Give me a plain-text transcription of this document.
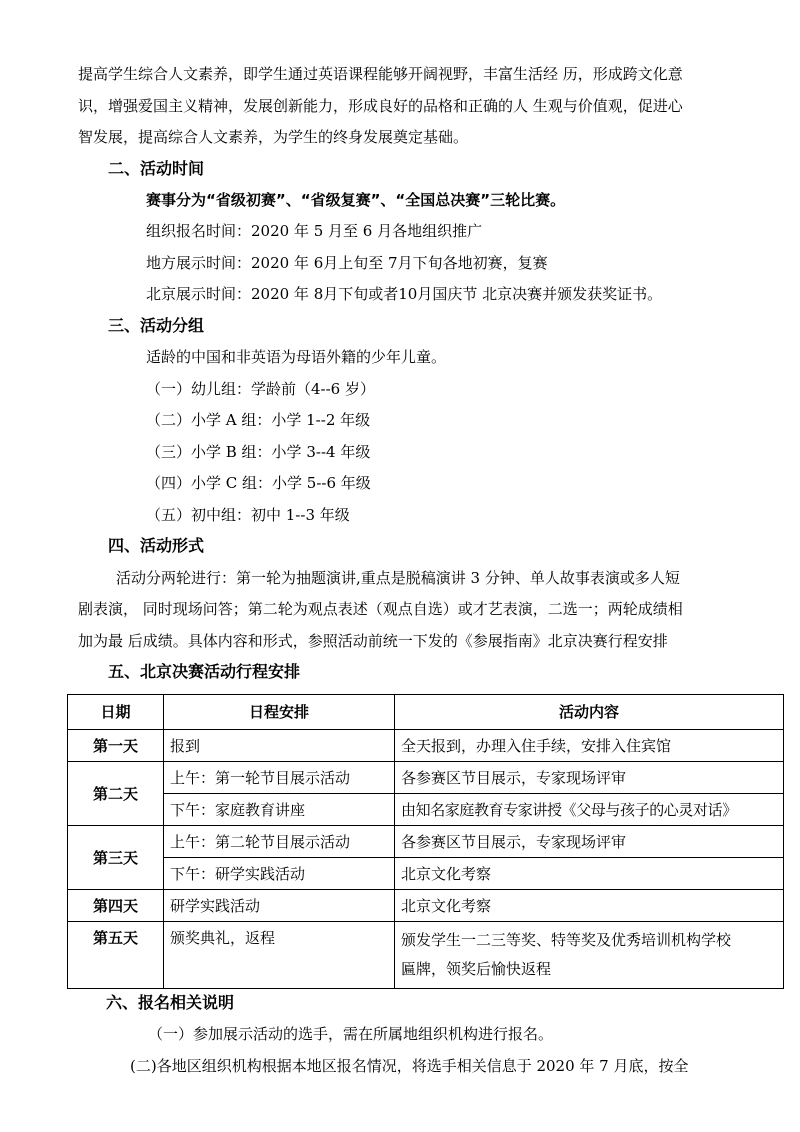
提高学生综合人文素养，即学生通过英语课程能够开阔视野，丰富生活经 历，形成跨文化意
识，增强爱国主义精神，发展创新能力，形成良好的品格和正确的人 生观与价值观，促进心
智发展，提高综合人文素养，为学生的终身发展奠定基础。
二、活动时间
赛事分为“省级初赛”、“省级复赛”、“全国总决赛”三轮比赛。
组织报名时间：2020 年 5 月至 6 月各地组织推广
地方展示时间：2020 年 6月上旬至 7月下旬各地初赛，复赛
北京展示时间：2020 年 8月下旬或者10月国庆节 北京决赛并颁发获奖证书。
三、活动分组
适龄的中国和非英语为母语外籍的少年儿童。
（一）幼儿组：学龄前（4--6 岁）
（二）小学 A 组：小学 1--2 年级
（三）小学 B 组：小学 3--4 年级
（四）小学 C 组：小学 5--6 年级
（五）初中组：初中 1--3 年级
四、活动形式
活动分两轮进行：第一轮为抽题演讲,重点是脱稿演讲 3 分钟、单人故事表演或多人短
剧表演， 同时现场问答；第二轮为观点表述（观点自选）或才艺表演，二选一；两轮成绩相
加为最 后成绩。具体内容和形式，参照活动前统一下发的《参展指南》北京决赛行程安排
五、北京决赛活动行程安排
日期	日程安排	活动内容
第一天	报到	全天报到，办理入住手续，安排入住宾馆
第二天	上午：第一轮节目展示活动	各参赛区节目展示，专家现场评审
	下午：家庭教育讲座	由知名家庭教育专家讲授《父母与孩子的心灵对话》
第三天	上午：第二轮节目展示活动	各参赛区节目展示，专家现场评审
	下午：研学实践活动	北京文化考察
第四天	研学实践活动	北京文化考察
第五天	颁奖典礼，返程	颁发学生一二三等奖、特等奖及优秀培训机构学校
匾牌，领奖后愉快返程
六、报名相关说明
（一）参加展示活动的选手，需在所属地组织机构进行报名。
(二)各地区组织机构根据本地区报名情况，将选手相关信息于 2020 年 7 月底，按全
